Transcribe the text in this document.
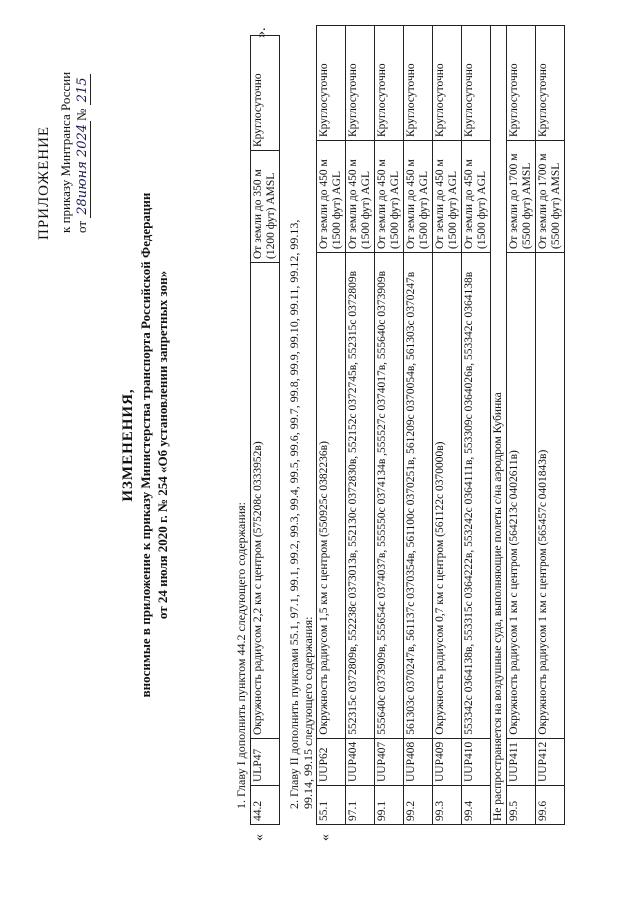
ПРИЛОЖЕНИЕ к приказу Минтранса России от 28июня 2024№ 215
ИЗМЕНЕНИЯ, вносимые в приложение к приказу Министерства транспорта Российской Федерации от 24 июля 2020 г. № 254 «Об установлении запретных зон»
1. Главу I дополнить пунктом 44.2 следующего содержания:
«
».
44.2	ULP47	Окружность радиусом 2,2 км с центром (575208с 0333952в)	От земли до 350 м (1200 фут) AMSL	Круглосуточно
2. Главу II дополнить пунктами 55.1, 97.1, 99.1, 99.2, 99.3, 99.4, 99.5, 99.6, 99.7, 99.8, 99.9, 99.10, 99.11, 99.12, 99.13, 99.14, 99.15 следующего содержания:
«
55.1	UUP62	Окружность радиусом 1,5 км с центром (550925с 0382236в)	От земли до 450 м (1500 фут) AGL	Круглосуточно
97.1	UUP404	552315с 0372809в, 552238с 0373013в, 552130с 0372830в, 552152с 0372745в, 552315с 0372809в	От земли до 450 м (1500 фут) AGL	Круглосуточно
99.1	UUP407	555640с 0373909в, 555654с 0374037в, 555550с 0374134в ,555527с 0374017в, 555640с 0373909в	От земли до 450 м (1500 фут) AGL	Круглосуточно
99.2	UUP408	561303с 0370247в, 561137с 0370354в, 561100с 0370251в, 561209с 0370054в, 561303с 0370247в	От земли до 450 м (1500 фут) AGL	Круглосуточно
99.3	UUP409	Окружность радиусом 0,7 км с центром (561122с 0370000в)	От земли до 450 м (1500 фут) AGL	Круглосуточно
99.4	UUP410	553342с 0364138в, 553315с 0364222в, 553242с 0364111в, 553309с 0364026в, 553342с 0364138в	От земли до 450 м (1500 фут) AGL	Круглосуточно
Не распространяется на воздушные суда, выполняющие полеты с/на аэродром Кубинка				
99.5	UUP411	Окружность радиусом 1 км с центром (564213с 0402611в)	От земли до 1700 м (5500 фут) AMSL	Круглосуточно
99.6	UUP412	Окружность радиусом 1 км с центром (565457с 0401843в)	От земли до 1700 м (5500 фут) AMSL	Круглосуточно
